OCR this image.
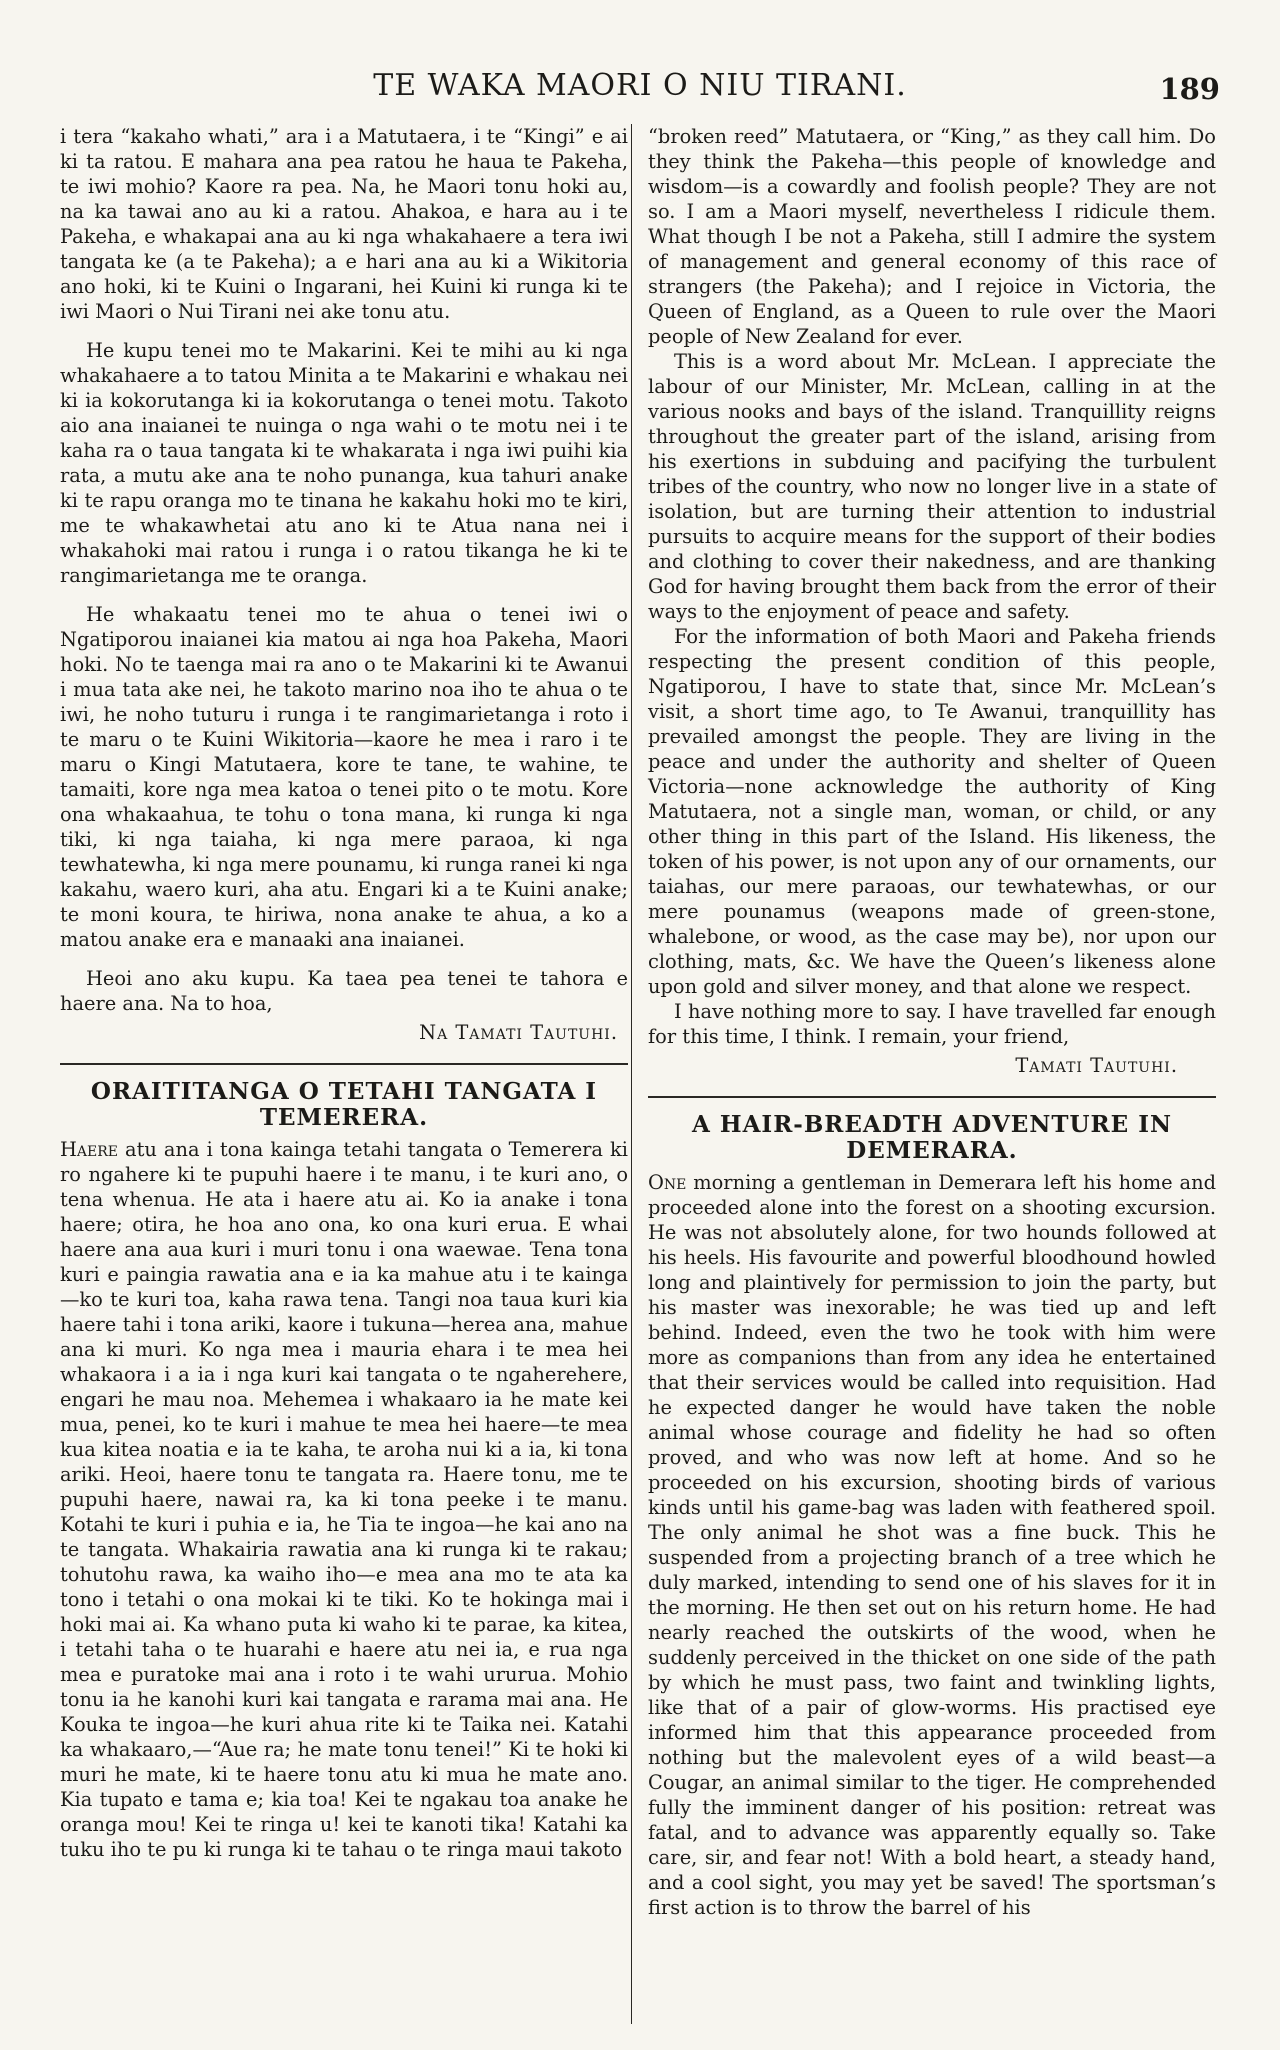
TE WAKA MAORI O NIU TIRANI.	189

i tera “kakaho whati,” ara i a Matutaera, i te “Kingi” e ai ki ta ratou. E mahara ana pea ratou he haua te Pakeha, te iwi mohio? Kaore ra pea. Na, he Maori tonu hoki au, na ka tawai ano au ki a ratou. Ahakoa, e hara au i te Pakeha, e whakapai ana au ki nga whakahaere a tera iwi tangata ke (a te Pakeha); a e hari ana au ki a Wikitoria ano hoki, ki te Kuini o Ingarani, hei Kuini ki runga ki te iwi Maori o Nui Tirani nei ake tonu atu.

He kupu tenei mo te Makarini. Kei te mihi au ki nga whakahaere a to tatou Minita a te Makarini e whakau nei ki ia kokorutanga ki ia kokorutanga o tenei motu. Takoto aio ana inaianei te nuinga o nga wahi o te motu nei i te kaha ra o taua tangata ki te whakarata i nga iwi puihi kia rata, a mutu ake ana te noho punanga, kua tahuri anake ki te rapu oranga mo te tinana he kakahu hoki mo te kiri, me te whakawhetai atu ano ki te Atua nana nei i whakahoki mai ratou i runga i o ratou tikanga he ki te rangimarietanga me te oranga.

He whakaatu tenei mo te ahua o tenei iwi o Ngatiporou inaianei kia matou ai nga hoa Pakeha, Maori hoki. No te taenga mai ra ano o te Makarini ki te Awanui i mua tata ake nei, he takoto marino noa iho te ahua o te iwi, he noho tuturu i runga i te rangimarietanga i roto i te maru o te Kuini Wikitoria—kaore he mea i raro i te maru o Kingi Matutaera, kore te tane, te wahine, te tamaiti, kore nga mea katoa o tenei pito o te motu. Kore ona whakaahua, te tohu o tona mana, ki runga ki nga tiki, ki nga taiaha, ki nga mere paraoa, ki nga tewhatewha, ki nga mere pounamu, ki runga ranei ki nga kakahu, waero kuri, aha atu. Engari ki a te Kuini anake; te moni koura, te hiriwa, nona anake te ahua, a ko a matou anake era e manaaki ana inaianei.

Heoi ano aku kupu. Ka taea pea tenei te tahora e haere ana. Na to hoa,

Na Tamati Tautuhi.

ORAITITANGA O TETAHI TANGATA I TEMERERA.

Haere atu ana i tona kainga tetahi tangata o Temerera ki ro ngahere ki te pupuhi haere i te manu, i te kuri ano, o tena whenua. He ata i haere atu ai. Ko ia anake i tona haere; otira, he hoa ano ona, ko ona kuri erua. E whai haere ana aua kuri i muri tonu i ona waewae. Tena tona kuri e paingia rawatia ana e ia ka mahue atu i te kainga—ko te kuri toa, kaha rawa tena. Tangi noa taua kuri kia haere tahi i tona ariki, kaore i tukuna—herea ana, mahue ana ki muri. Ko nga mea i mauria ehara i te mea hei whakaora i a ia i nga kuri kai tangata o te ngaherehere, engari he mau noa. Mehemea i whakaaro ia he mate kei mua, penei, ko te kuri i mahue te mea hei haere—te mea kua kitea noatia e ia te kaha, te aroha nui ki a ia, ki tona ariki. Heoi, haere tonu te tangata ra. Haere tonu, me te pupuhi haere, nawai ra, ka ki tona peeke i te manu. Kotahi te kuri i puhia e ia, he Tia te ingoa—he kai ano na te tangata. Whakairia rawatia ana ki runga ki te rakau; tohutohu rawa, ka waiho iho—e mea ana mo te ata ka tono i tetahi o ona mokai ki te tiki. Ko te hokinga mai i hoki mai ai. Ka whano puta ki waho ki te parae, ka kitea, i tetahi taha o te huarahi e haere atu nei ia, e rua nga mea e puratoke mai ana i roto i te wahi ururua. Mohio tonu ia he kanohi kuri kai tangata e rarama mai ana. He Kouka te ingoa—he kuri ahua rite ki te Taika nei. Katahi ka whakaaro,—“Aue ra; he mate tonu tenei!” Ki te hoki ki muri he mate, ki te haere tonu atu ki mua he mate ano. Kia tupato e tama e; kia toa! Kei te ngakau toa anake he oranga mou! Kei te ringa u! kei te kanoti tika! Katahi ka tuku iho te pu ki runga ki te tahau o te ringa maui takoto

“broken reed” Matutaera, or “King,” as they call him. Do they think the Pakeha—this people of knowledge and wisdom—is a cowardly and foolish people? They are not so. I am a Maori myself, nevertheless I ridicule them. What though I be not a Pakeha, still I admire the system of management and general economy of this race of strangers (the Pakeha); and I rejoice in Victoria, the Queen of England, as a Queen to rule over the Maori people of New Zealand for ever.

This is a word about Mr. McLean. I appreciate the labour of our Minister, Mr. McLean, calling in at the various nooks and bays of the island. Tranquillity reigns throughout the greater part of the island, arising from his exertions in subduing and pacifying the turbulent tribes of the country, who now no longer live in a state of isolation, but are turning their attention to industrial pursuits to acquire means for the support of their bodies and clothing to cover their nakedness, and are thanking God for having brought them back from the error of their ways to the enjoyment of peace and safety.

For the information of both Maori and Pakeha friends respecting the present condition of this people, Ngatiporou, I have to state that, since Mr. McLean’s visit, a short time ago, to Te Awanui, tranquillity has prevailed amongst the people. They are living in the peace and under the authority and shelter of Queen Victoria—none acknowledge the authority of King Matutaera, not a single man, woman, or child, or any other thing in this part of the Island. His likeness, the token of his power, is not upon any of our ornaments, our taiahas, our mere paraoas, our tewhatewhas, or our mere pounamus (weapons made of green-stone, whalebone, or wood, as the case may be), nor upon our clothing, mats, &c. We have the Queen’s likeness alone upon gold and silver money, and that alone we respect.

I have nothing more to say. I have travelled far enough for this time, I think. I remain, your friend,

Tamati Tautuhi.

A HAIR-BREADTH ADVENTURE IN DEMERARA.

One morning a gentleman in Demerara left his home and proceeded alone into the forest on a shooting excursion. He was not absolutely alone, for two hounds followed at his heels. His favourite and powerful bloodhound howled long and plaintively for permission to join the party, but his master was inexorable; he was tied up and left behind. Indeed, even the two he took with him were more as companions than from any idea he entertained that their services would be called into requisition. Had he expected danger he would have taken the noble animal whose courage and fidelity he had so often proved, and who was now left at home. And so he proceeded on his excursion, shooting birds of various kinds until his game-bag was laden with feathered spoil. The only animal he shot was a fine buck. This he suspended from a projecting branch of a tree which he duly marked, intending to send one of his slaves for it in the morning. He then set out on his return home. He had nearly reached the outskirts of the wood, when he suddenly perceived in the thicket on one side of the path by which he must pass, two faint and twinkling lights, like that of a pair of glow-worms. His practised eye informed him that this appearance proceeded from nothing but the malevolent eyes of a wild beast—a Cougar, an animal similar to the tiger. He comprehended fully the imminent danger of his position: retreat was fatal, and to advance was apparently equally so. Take care, sir, and fear not! With a bold heart, a steady hand, and a cool sight, you may yet be saved! The sportsman’s first action is to throw the barrel of his
